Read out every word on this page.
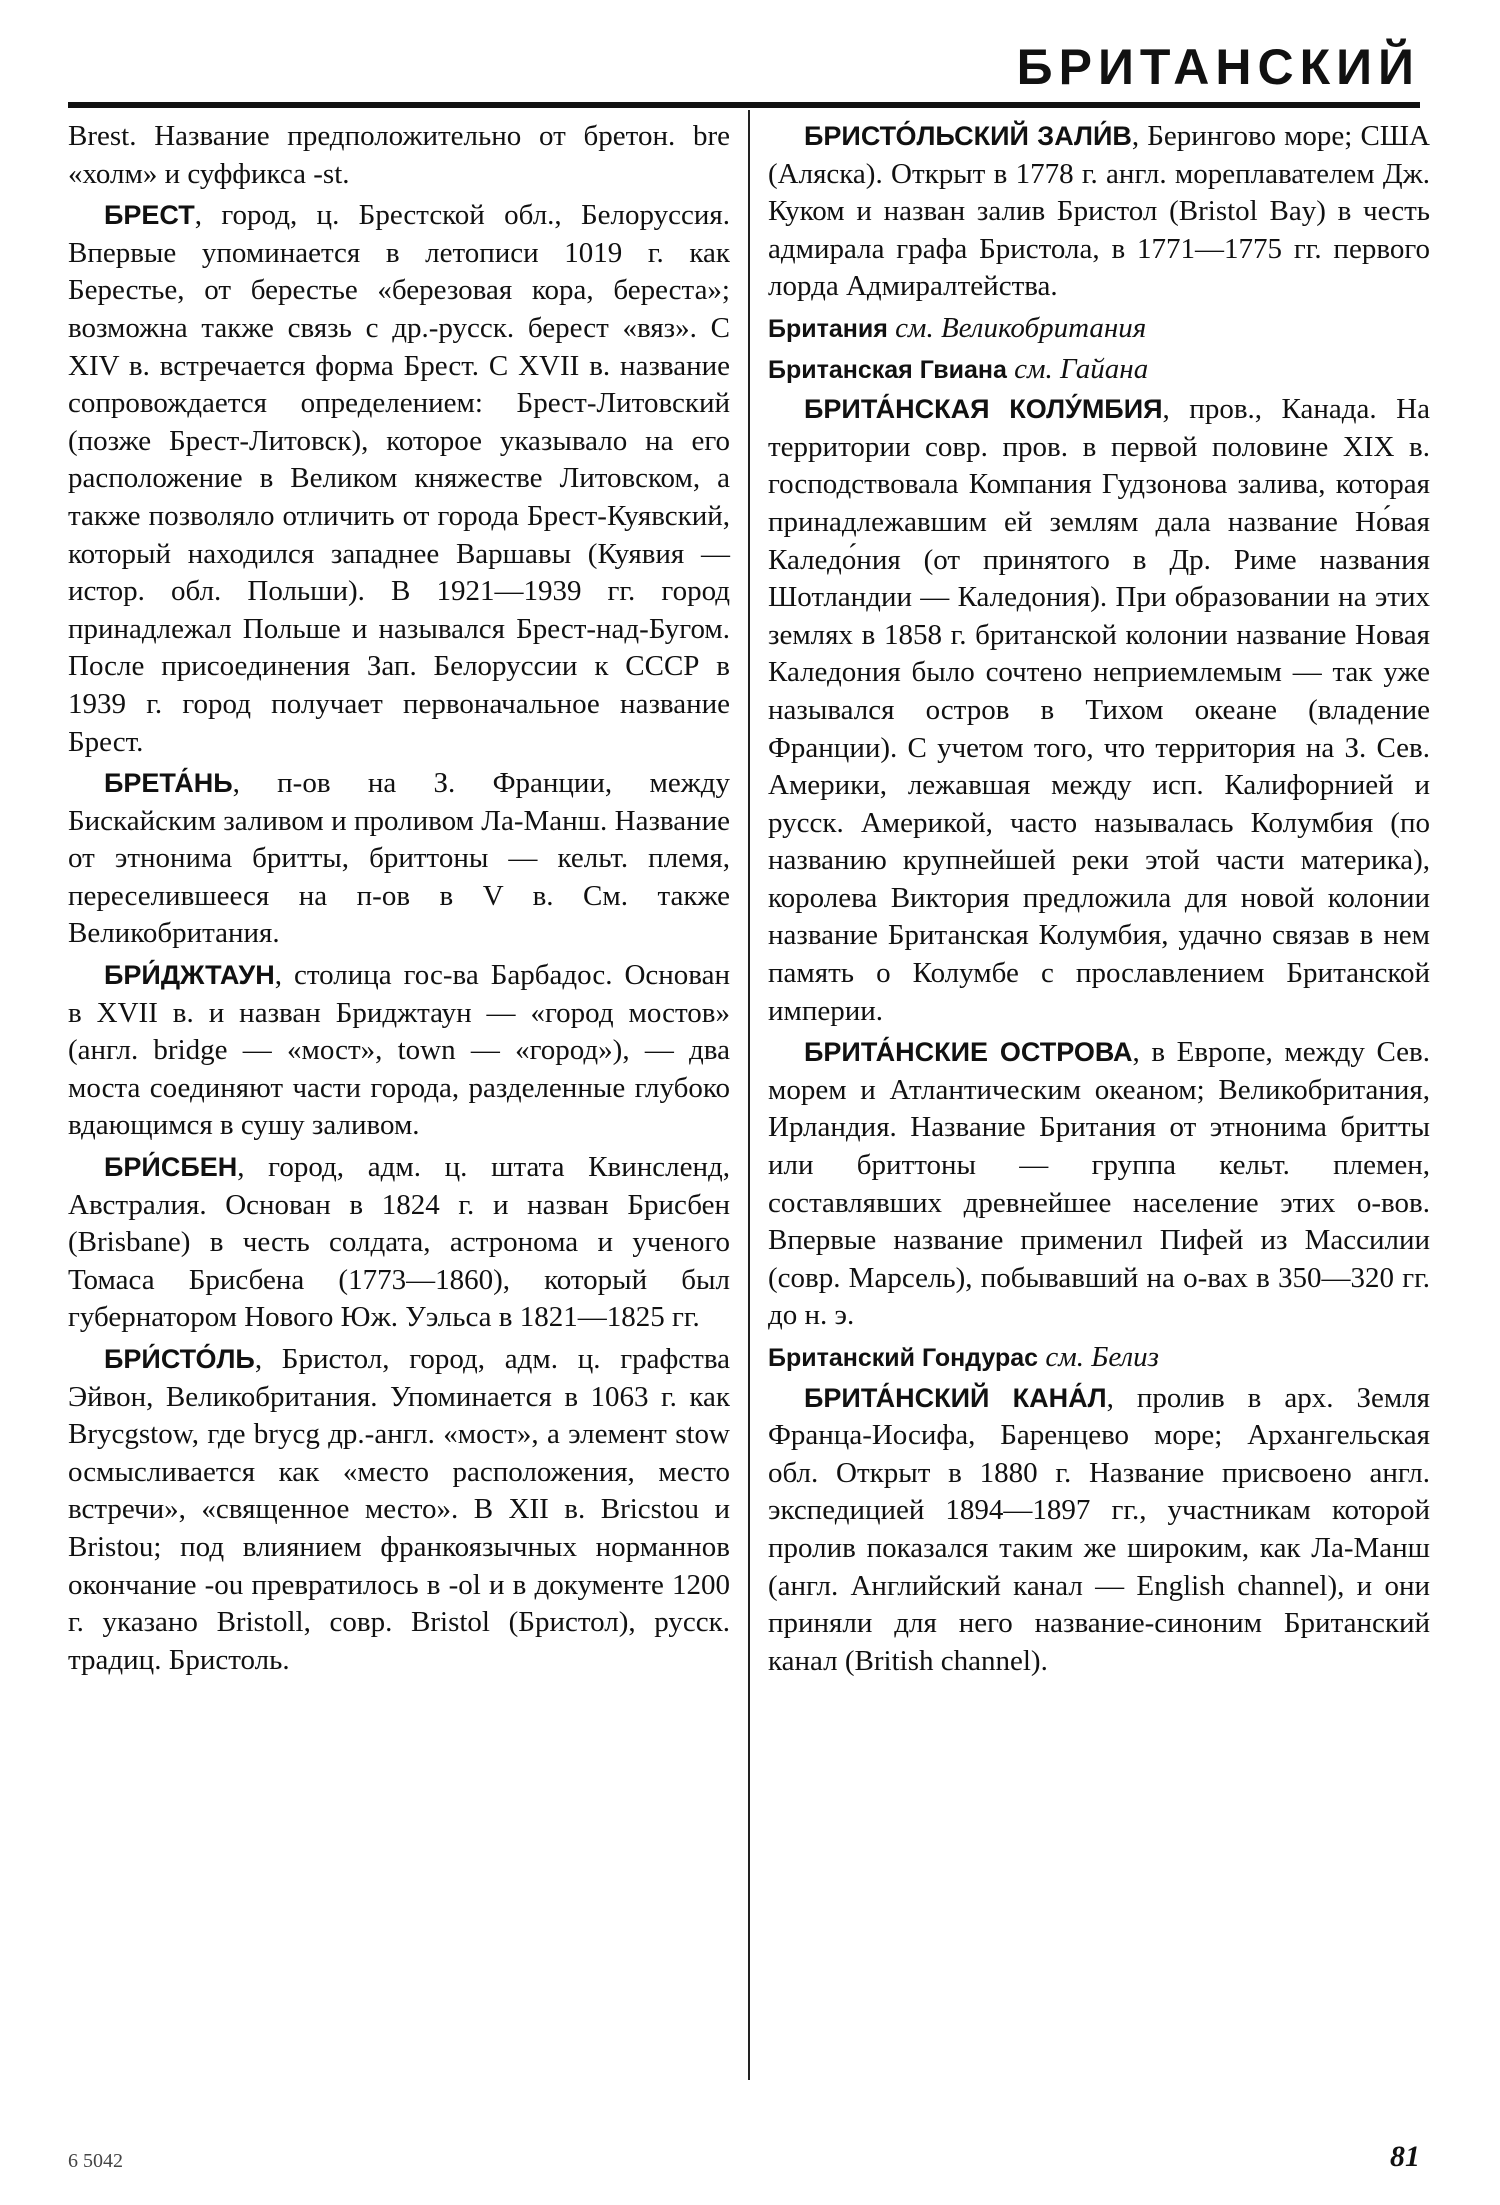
БРИТАНСКИЙ

Brest. Название предположительно от бретон. bre «холм» и суффикса -st.

БРЕСТ, город, ц. Брестской обл., Белоруссия. Впервые упоминается в летописи 1019 г. как Берестье, от берестье «березовая кора, береста»; возможна также связь с др.-русск. берест «вяз». С XIV в. встречается форма Брест. С XVII в. название сопровождается определением: Брест-Литовский (позже Брест-Литовск), которое указывало на его расположение в Великом княжестве Литовском, а также позволяло отличить от города Брест-Куявский, который находился западнее Варшавы (Куявия — истор. обл. Польши). В 1921—1939 гг. город принадлежал Польше и назывался Брест-над-Бугом. После присоединения Зап. Белоруссии к СССР в 1939 г. город получает первоначальное название Брест.

БРЕТА́НЬ, п-ов на З. Франции, между Бискайским заливом и проливом Ла-Манш. Название от этнонима бритты, бриттоны — кельт. племя, переселившееся на п-ов в V в. См. также Великобритания.

БРИ́ДЖТАУН, столица гос-ва Барбадос. Основан в XVII в. и назван Бриджтаун — «город мостов» (англ. bridge — «мост», town — «город»), — два моста соединяют части города, разделенные глубоко вдающимся в сушу заливом.

БРИ́СБЕН, город, адм. ц. штата Квинсленд, Австралия. Основан в 1824 г. и назван Брисбен (Brisbane) в честь солдата, астронома и ученого Томаса Брисбена (1773—1860), который был губернатором Нового Юж. Уэльса в 1821—1825 гг.

БРИ́СТО́ЛЬ, Бристол, город, адм. ц. графства Эйвон, Великобритания. Упоминается в 1063 г. как Brycgstow, где brycg др.-англ. «мост», а элемент stow осмысливается как «место расположения, место встречи», «священное место». В XII в. Bricstou и Bristou; под влиянием франкоязычных норманнов окончание -ou превратилось в -ol и в документе 1200 г. указано Bristoll, совр. Bristol (Бристол), русск. традиц. Бристоль.

БРИСТО́ЛЬСКИЙ ЗАЛИ́В, Берингово море; США (Аляска). Открыт в 1778 г. англ. мореплавателем Дж. Куком и назван залив Бристол (Bristol Bay) в честь адмирала графа Бристола, в 1771—1775 гг. первого лорда Адмиралтейства.

Британия см. Великобритания

Британская Гвиана см. Гайана

БРИТА́НСКАЯ КОЛУ́МБИЯ, пров., Канада. На территории совр. пров. в первой половине XIX в. господствовала Компания Гудзонова залива, которая принадлежавшим ей землям дала название Но́вая Каледо́ния (от принятого в Др. Риме названия Шотландии — Каледония). При образовании на этих землях в 1858 г. британской колонии название Новая Каледония было сочтено неприемлемым — так уже назывался остров в Тихом океане (владение Франции). С учетом того, что территория на З. Сев. Америки, лежавшая между исп. Калифорнией и русск. Америкой, часто называлась Колумбия (по названию крупнейшей реки этой части материка), королева Виктория предложила для новой колонии название Британская Колумбия, удачно связав в нем память о Колумбе с прославлением Британской империи.

БРИТА́НСКИЕ ОСТРОВА, в Европе, между Сев. морем и Атлантическим океаном; Великобритания, Ирландия. Название Британия от этнонима бритты или бриттоны — группа кельт. племен, составлявших древнейшее население этих о-вов. Впервые название применил Пифей из Массилии (совр. Марсель), побывавший на о-вах в 350—320 гг. до н. э.

Британский Гондурас см. Белиз

БРИТА́НСКИЙ КАНА́Л, пролив в арх. Земля Франца-Иосифа, Баренцево море; Архангельская обл. Открыт в 1880 г. Название присвоено англ. экспедицией 1894—1897 гг., участникам которой пролив показался таким же широким, как Ла-Манш (англ. Английский канал — English channel), и они приняли для него название-синоним Британский канал (British channel).

6 5042	81
